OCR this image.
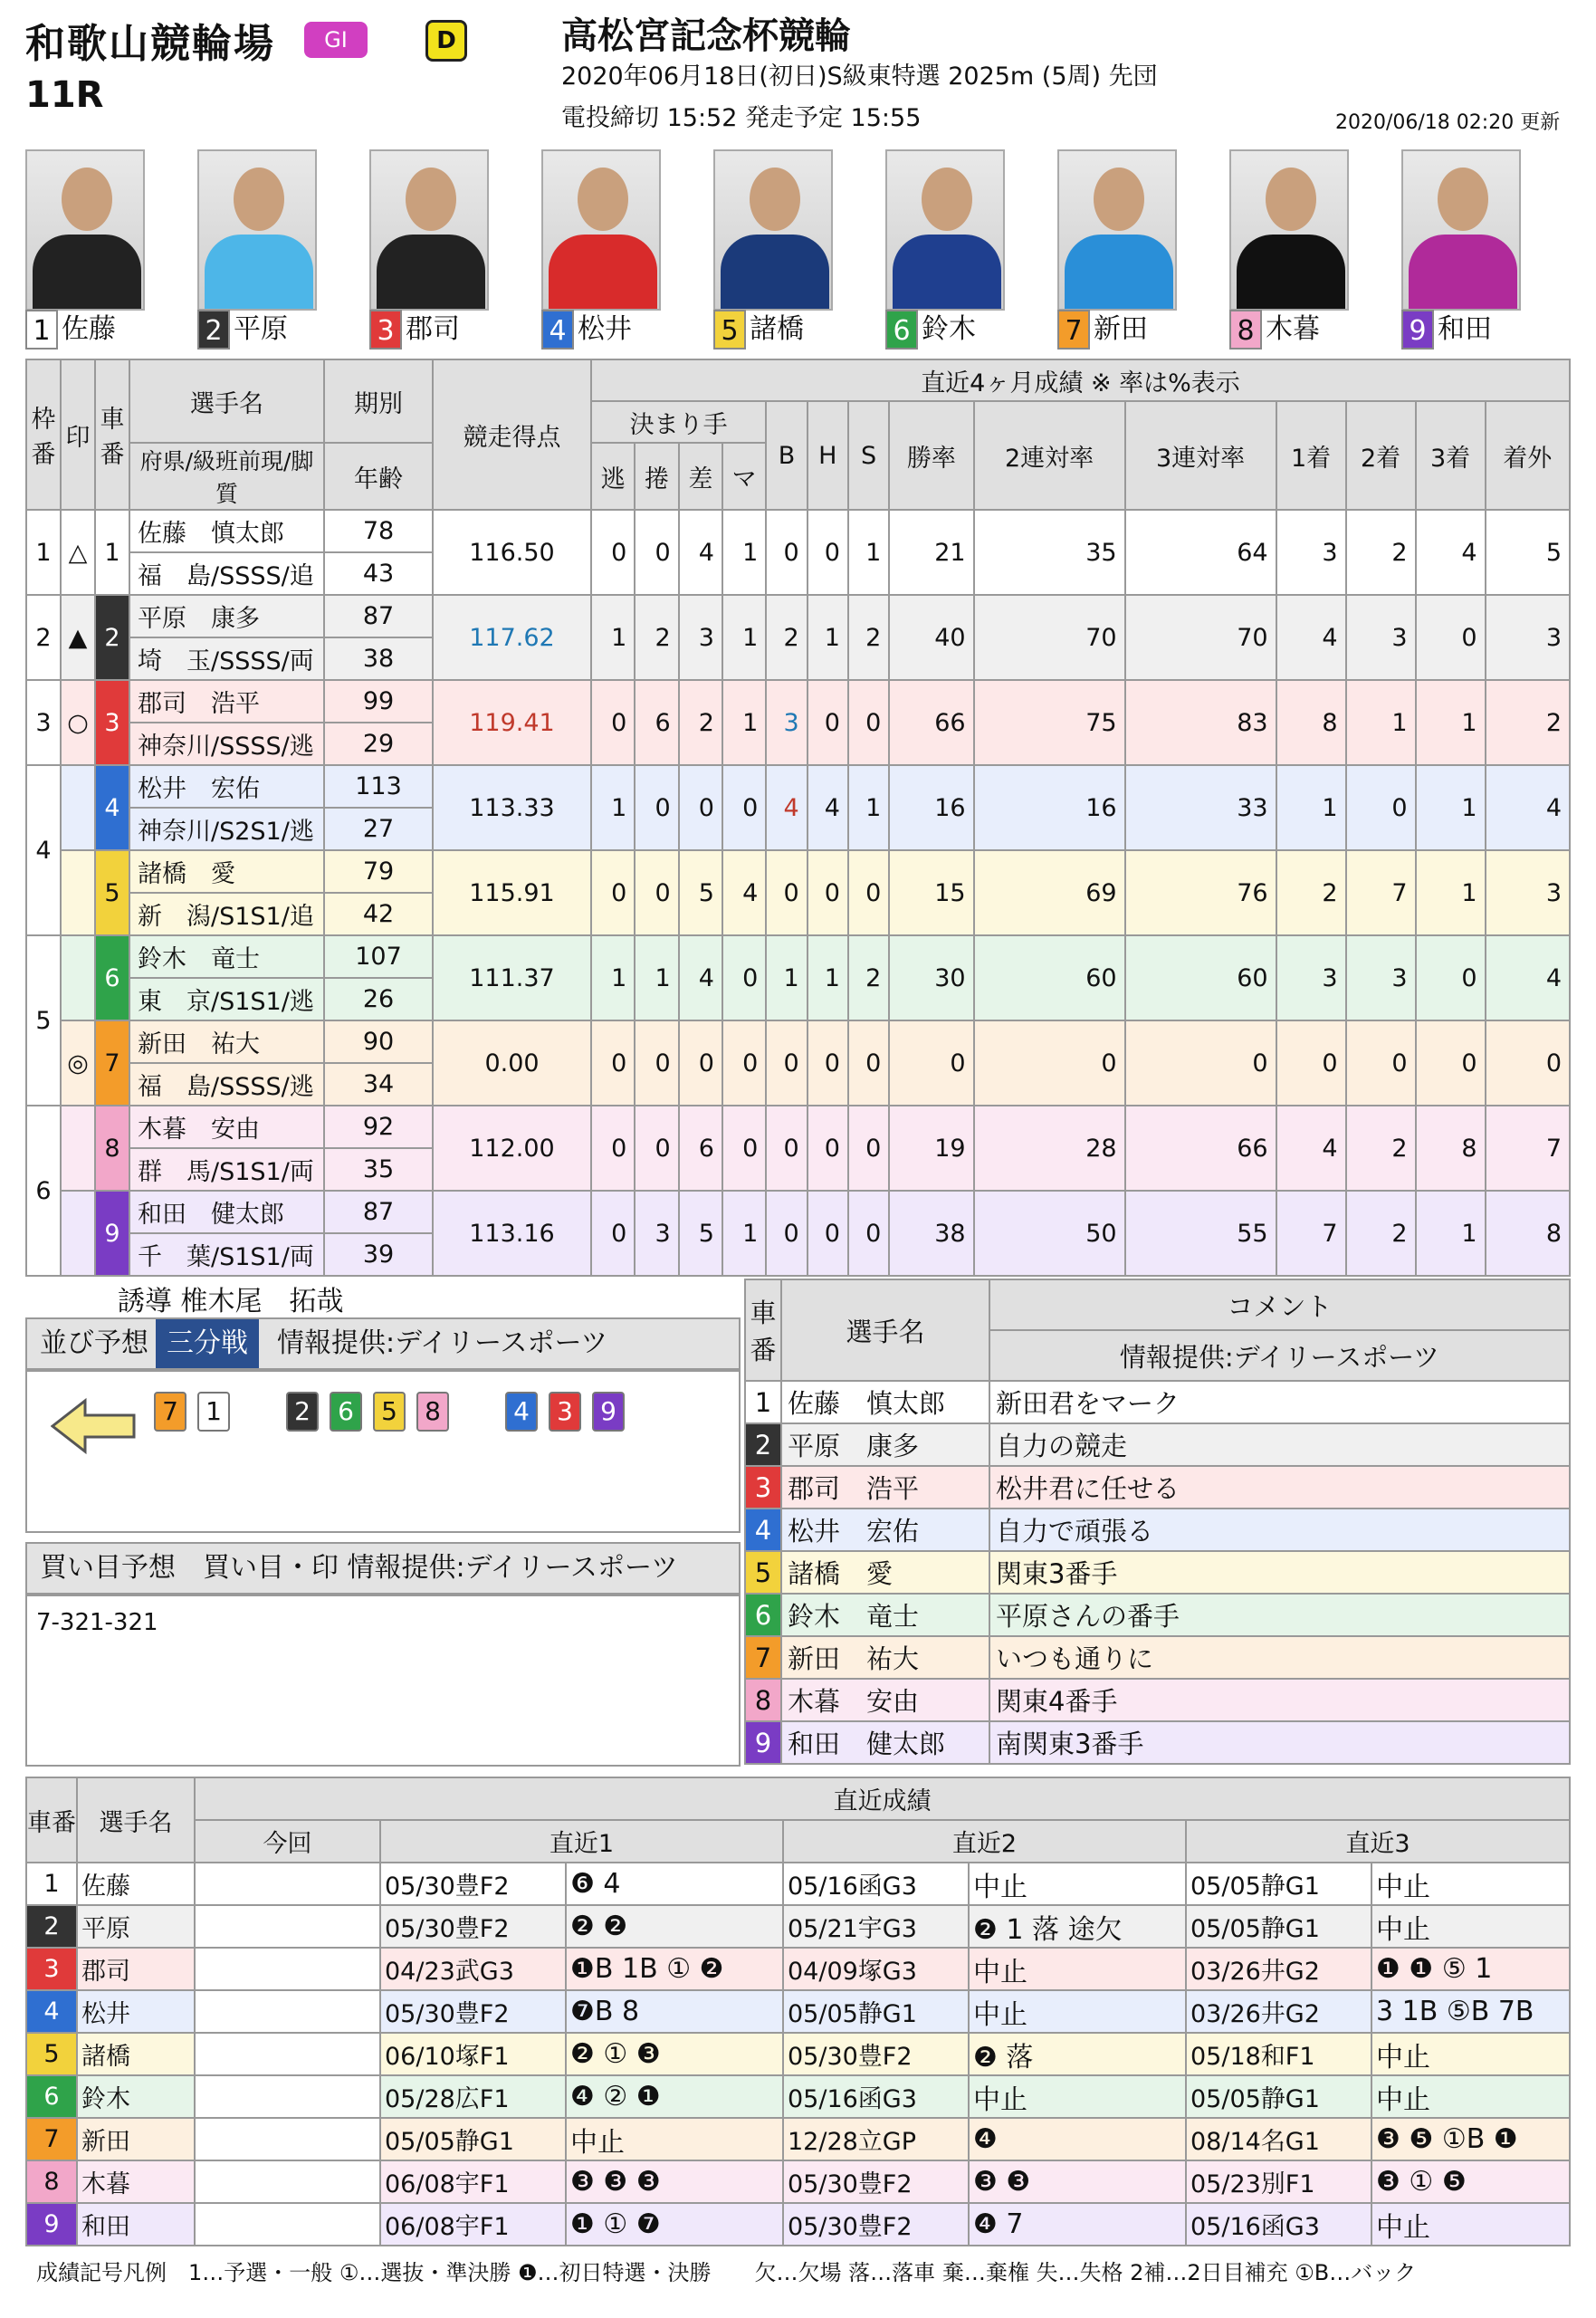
和歌山競輪場	GⅠ	D
11R
高松宮記念杯競輪
2020年06月18日(初日)S級東特選 2025m (5周) 先団
電投締切 15:52 発走予定 15:55	2020/06/18 02:20 更新
1 佐藤	2 平原	3 郡司	4 松井	5 諸橋	6 鈴木	7 新田	8 木暮	9 和田
枠番	印	車番	選手名	期別	競走得点	直近4ヶ月成績 ※ 率は%表示													
						決まり手				B	H	S	勝率	2連対率	3連対率	1着	2着	3着	着外
			府県/級班前現/脚質	年齢		逃	捲	差	マ										
1	△	1	佐藤　慎太郎	78	116.50	0	0	4	1	0	0	1	21	35	64	3	2	4	5
			福　島/SSSS/追	43															
2	▲	2	平原　康多	87	117.62	1	2	3	1	2	1	2	40	70	70	4	3	0	3
			埼　玉/SSSS/両	38															
3	○	3	郡司　浩平	99	119.41	0	6	2	1	3	0	0	66	75	83	8	1	1	2
			神奈川/SSSS/逃	29															
4		4	松井　宏佑	113	113.33	1	0	0	0	4	4	1	16	16	33	1	0	1	4
			神奈川/S2S1/逃	27															
		5	諸橋　愛	79	115.91	0	0	5	4	0	0	0	15	69	76	2	7	1	3
			新　潟/S1S1/追	42															
5		6	鈴木　竜士	107	111.37	1	1	4	0	1	1	2	30	60	60	3	3	0	4
			東　京/S1S1/逃	26															
	◎	7	新田　祐大	90	0.00	0	0	0	0	0	0	0	0	0	0	0	0	0	0
			福　島/SSSS/逃	34															
6		8	木暮　安由	92	112.00	0	0	6	0	0	0	0	19	28	66	4	2	8	7
			群　馬/S1S1/両	35															
		9	和田　健太郎	87	113.16	0	3	5	1	0	0	0	38	50	55	7	2	1	8
			千　葉/S1S1/両	39															
誘導 椎木尾　拓哉
並び予想 三分戦 情報提供:デイリースポーツ
7	1	2	6	5	8	4	3	9
買い目予想　買い目・印 情報提供:デイリースポーツ
7-321-321
車番	選手名	コメント
		情報提供:デイリースポーツ
1	佐藤　慎太郎	新田君をマーク
2	平原　康多	自力の競走
3	郡司　浩平	松井君に任せる
4	松井　宏佑	自力で頑張る
5	諸橋　愛	関東3番手
6	鈴木　竜士	平原さんの番手
7	新田　祐大	いつも通りに
8	木暮　安由	関東4番手
9	和田　健太郎	南関東3番手
車番	選手名	直近成績						
		今回	直近1		直近2		直近3	
1	佐藤		05/30豊F2	❻ 4	05/16函G3	中止	05/05静G1	中止
2	平原		05/30豊F2	❷ ❷	05/21宇G3	❷ 1 落 途欠	05/05静G1	中止
3	郡司		04/23武G3	❶B 1B ① ❷	04/09塚G3	中止	03/26井G2	❶ ❶ ⑤ 1
4	松井		05/30豊F2	❼B 8	05/05静G1	中止	03/26井G2	3 1B ⑤B 7B
5	諸橋		06/10塚F1	❷ ① ❸	05/30豊F2	❷ 落	05/18和F1	中止
6	鈴木		05/28広F1	❹ ② ❶	05/16函G3	中止	05/05静G1	中止
7	新田		05/05静G1	中止	12/28立GP	❹	08/14名G1	❸ ❺ ①B ❶
8	木暮		06/08宇F1	❸ ❸ ❸	05/30豊F2	❸ ❸	05/23別F1	❸ ① ❺
9	和田		06/08宇F1	❶ ① ❼	05/30豊F2	❹ 7	05/16函G3	中止
成績記号凡例　1…予選・一般 ①…選抜・準決勝 ❶…初日特選・決勝　　欠…欠場 落…落車 棄…棄権 失…失格 2補…2日目補充 ①B…バック
